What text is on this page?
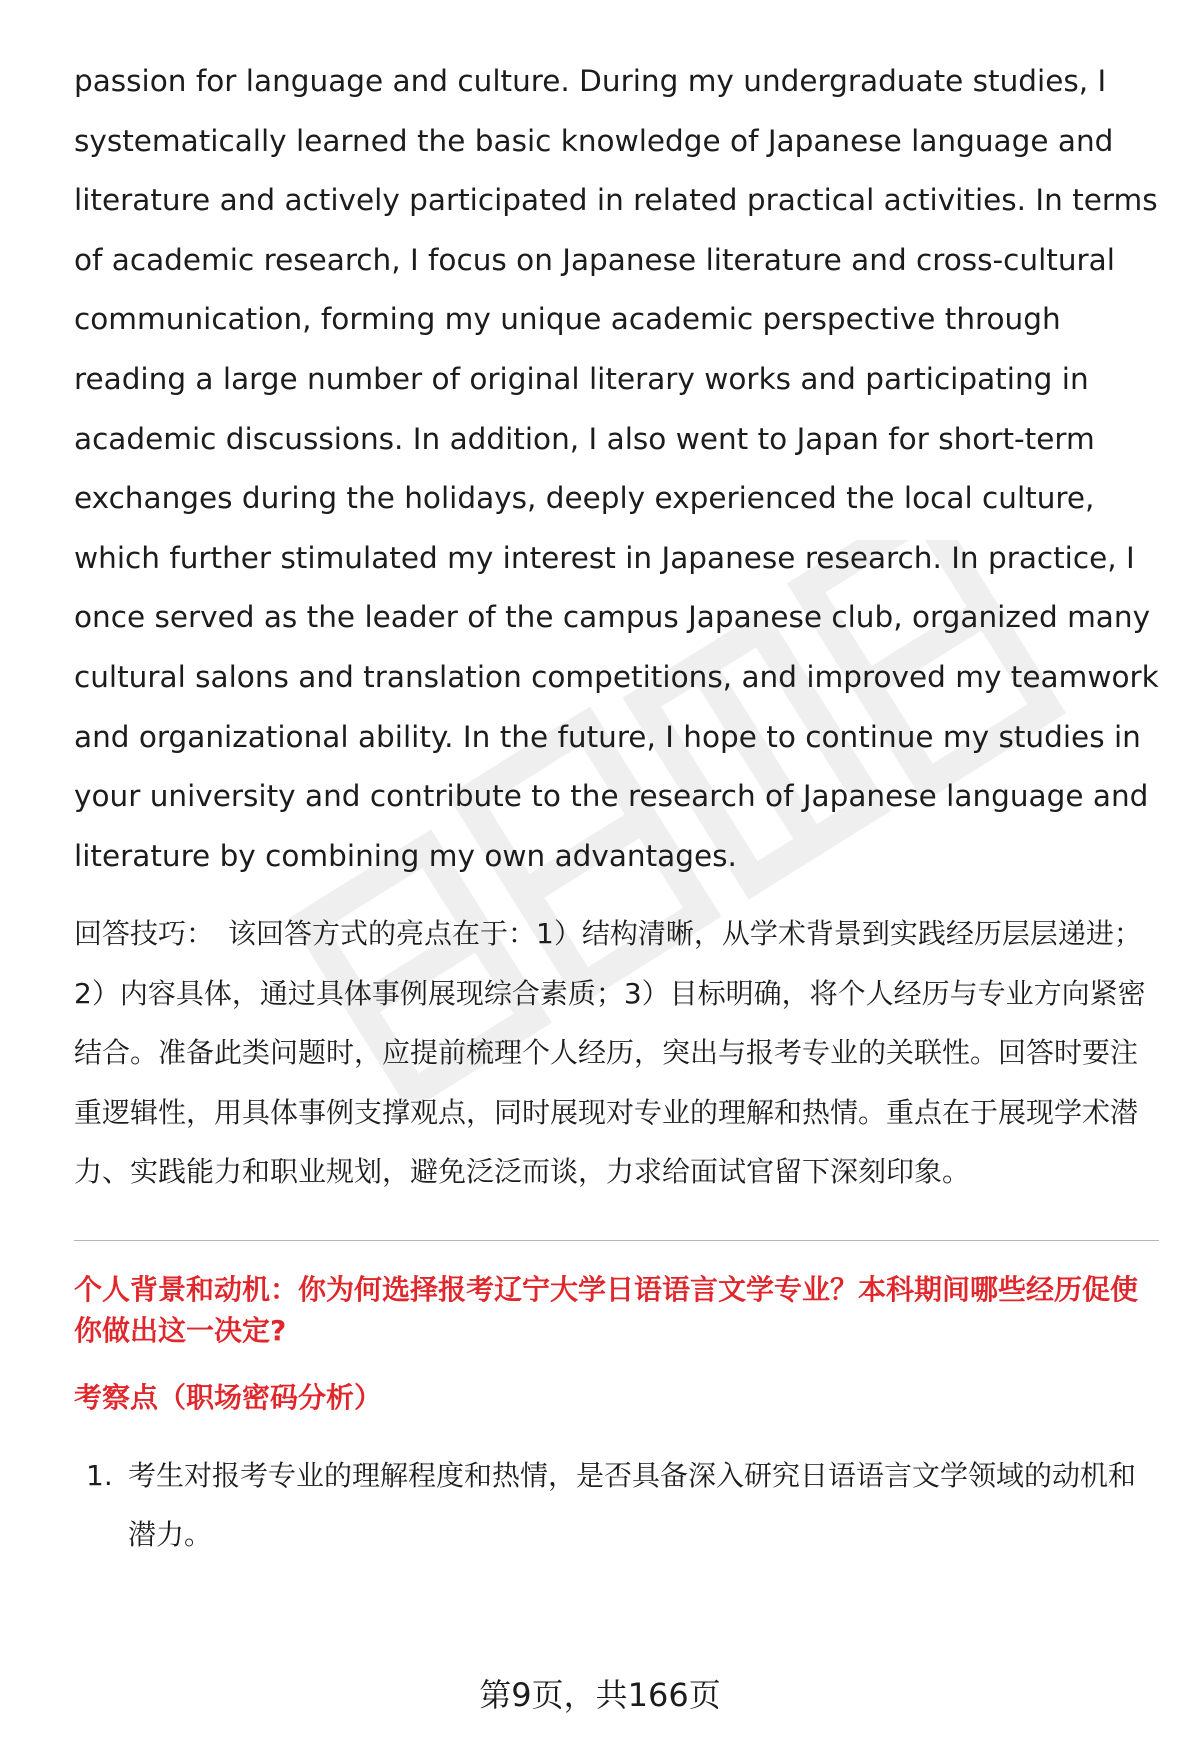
passion for language and culture. During my undergraduate studies, I systematically learned the basic knowledge of Japanese language and literature and actively participated in related practical activities. In terms of academic research, I focus on Japanese literature and cross-cultural communication, forming my unique academic perspective through reading a large number of original literary works and participating in academic discussions. In addition, I also went to Japan for short-term exchanges during the holidays, deeply experienced the local culture, which further stimulated my interest in Japanese research. In practice, I once served as the leader of the campus Japanese club, organized many cultural salons and translation competitions, and improved my teamwork and organizational ability. In the future, I hope to continue my studies in your university and contribute to the research of Japanese language and literature by combining my own advantages.

回答技巧： 该回答方式的亮点在于：1）结构清晰，从学术背景到实践经历层层递进；2）内容具体，通过具体事例展现综合素质；3）目标明确，将个人经历与专业方向紧密结合。准备此类问题时，应提前梳理个人经历，突出与报考专业的关联性。回答时要注重逻辑性，用具体事例支撑观点，同时展现对专业的理解和热情。重点在于展现学术潜力、实践能力和职业规划，避免泛泛而谈，力求给面试官留下深刻印象。

个人背景和动机：你为何选择报考辽宁大学日语语言文学专业？本科期间哪些经历促使你做出这一决定?

考察点（职场密码分析）

1. 考生对报考专业的理解程度和热情，是否具备深入研究日语语言文学领域的动机和潜力。
第9页，共166页
